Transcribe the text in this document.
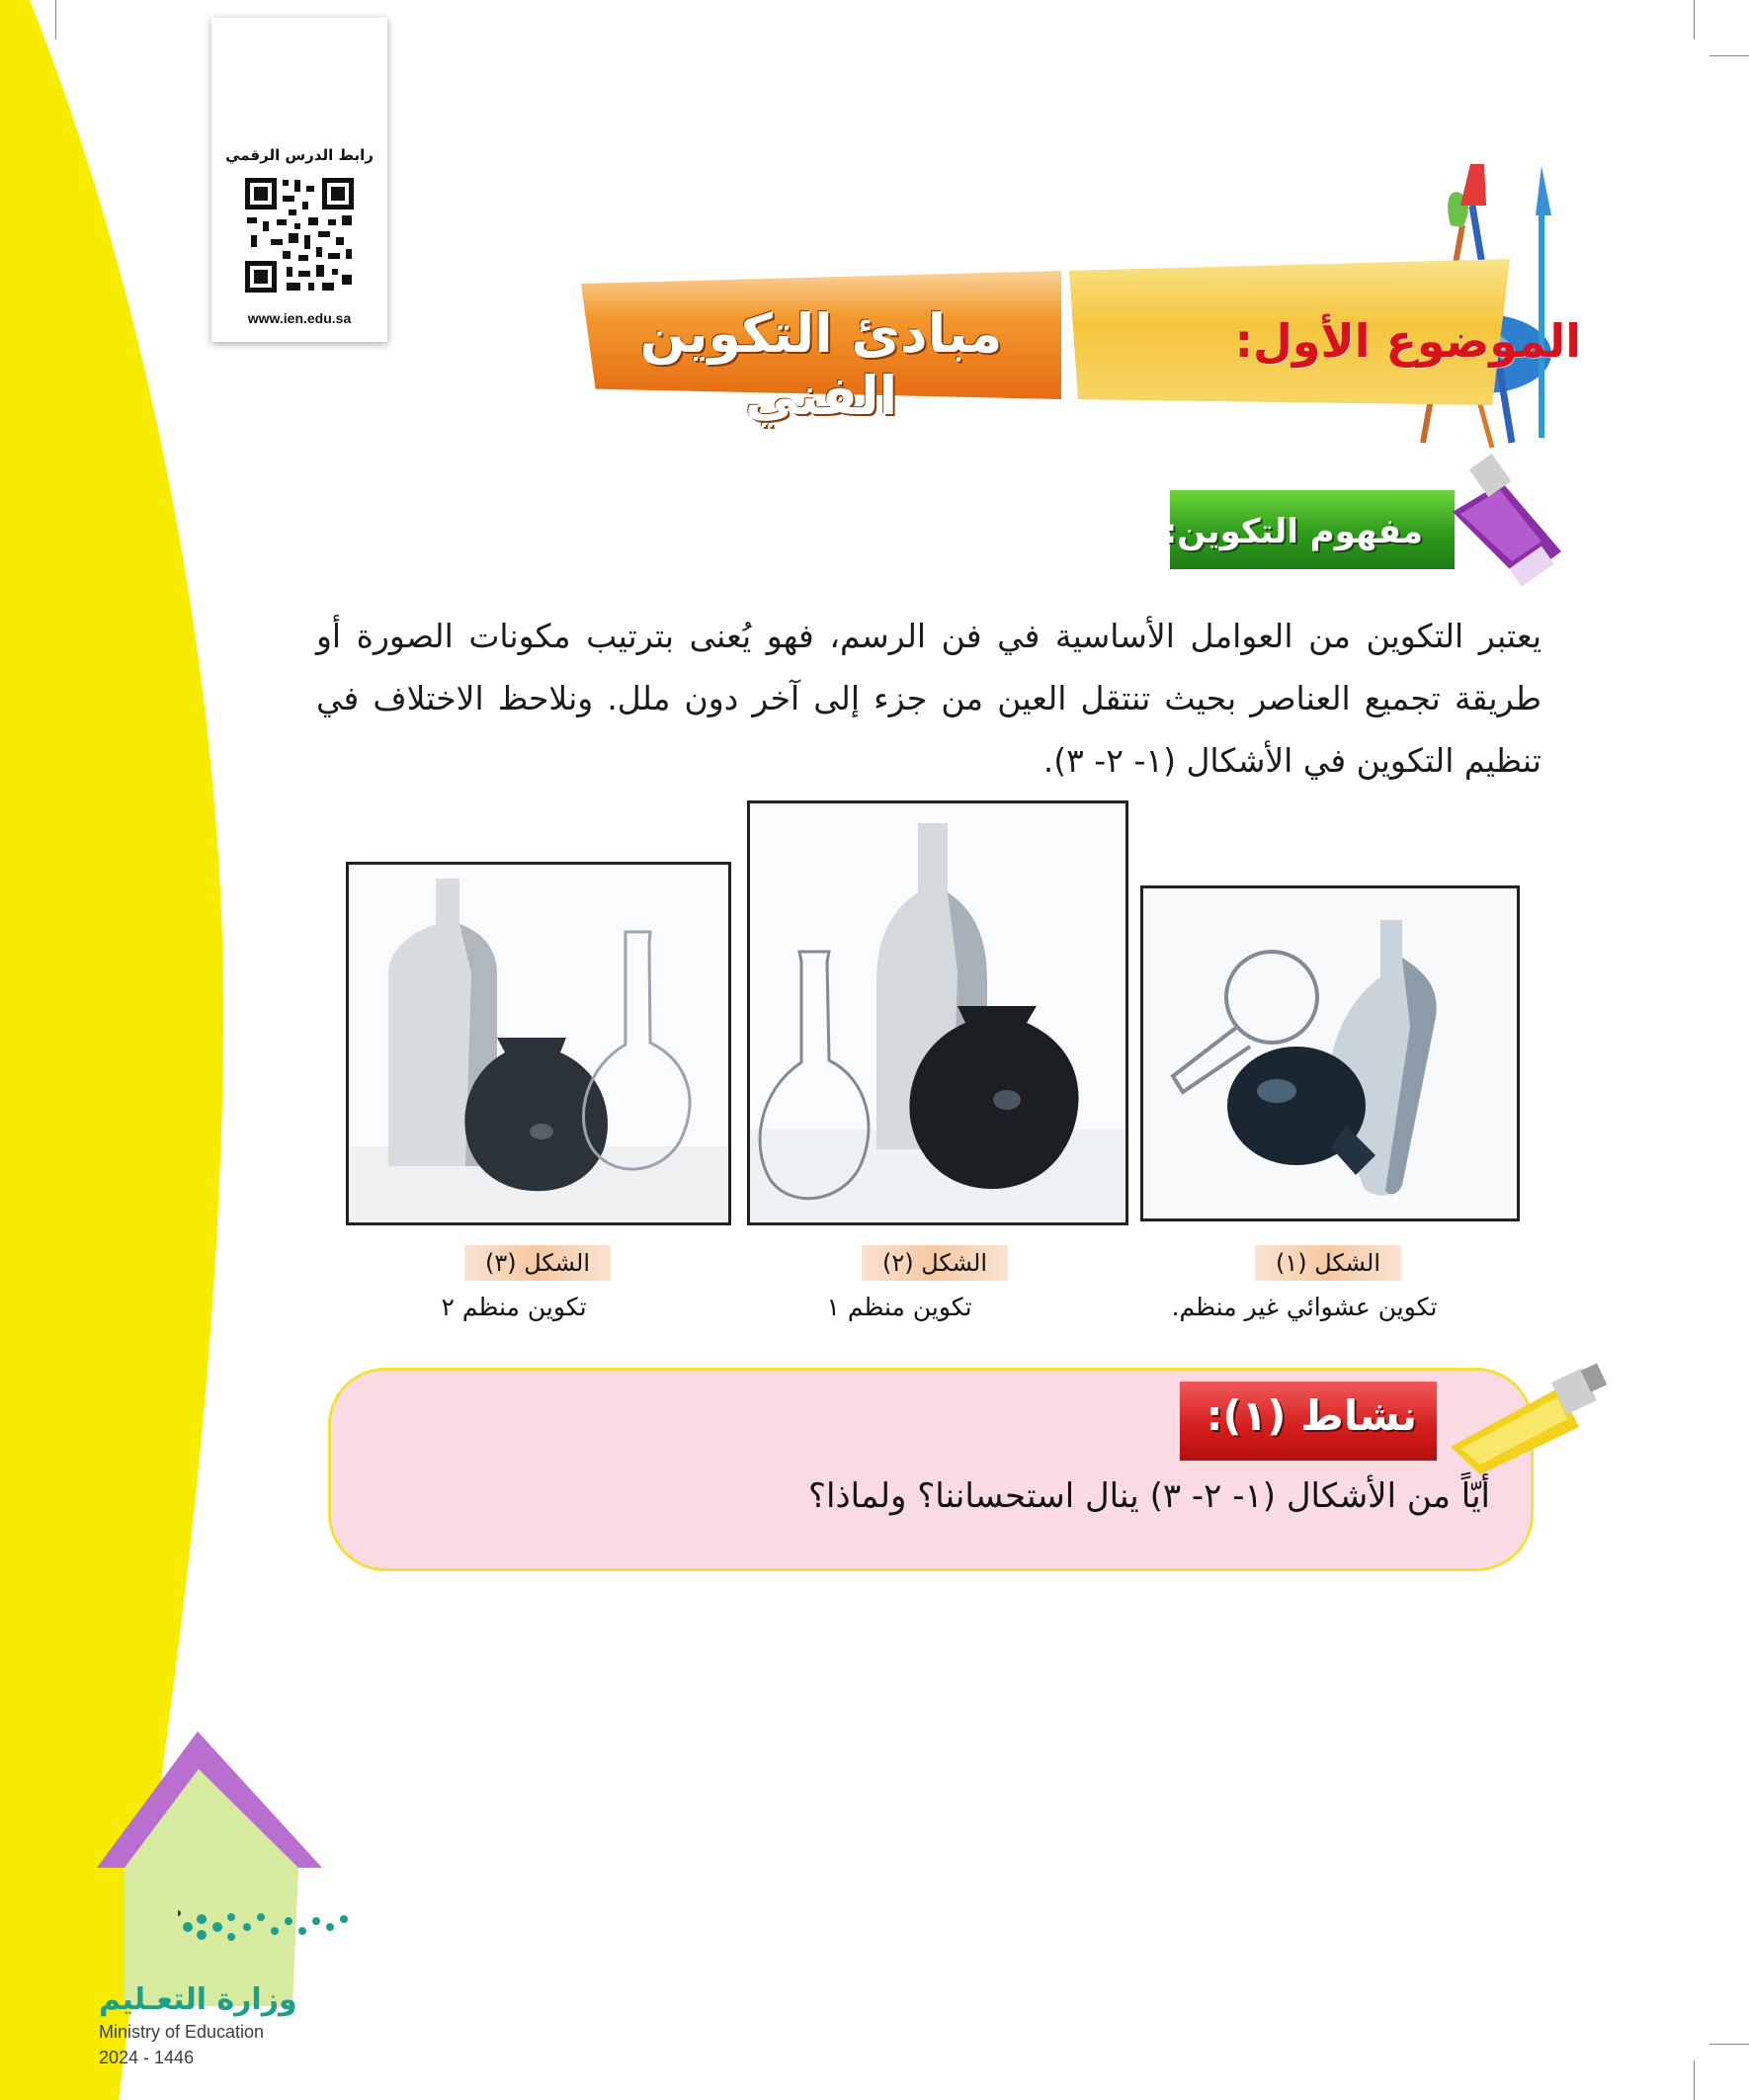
رابط الدرس الرقمي
www.ien.edu.sa	الموضوع الأول:
مبادئ التكوين الفني
مفهوم التكوين:
يعتبر التكوين من العوامل الأساسية في فن الرسم، فهو يُعنى بترتيب مكونات الصورة أو طريقة تجميع العناصر بحيث تنتقل العين من جزء إلى آخر دون ملل. ونلاحظ الاختلاف في تنظيم التكوين في الأشكال (١- ٢- ٣).
الشكل (١)
تكوين عشوائي غير منظم.
الشكل (٢)
تكوين منظم ١
الشكل (٣)
تكوين منظم ٢
نشاط (١):
أيّاً من الأشكال (١- ٢- ٣) ينال استحساننا؟ ولماذا؟
وزارة التعـليم
Ministry of Education
2024 - 1446
